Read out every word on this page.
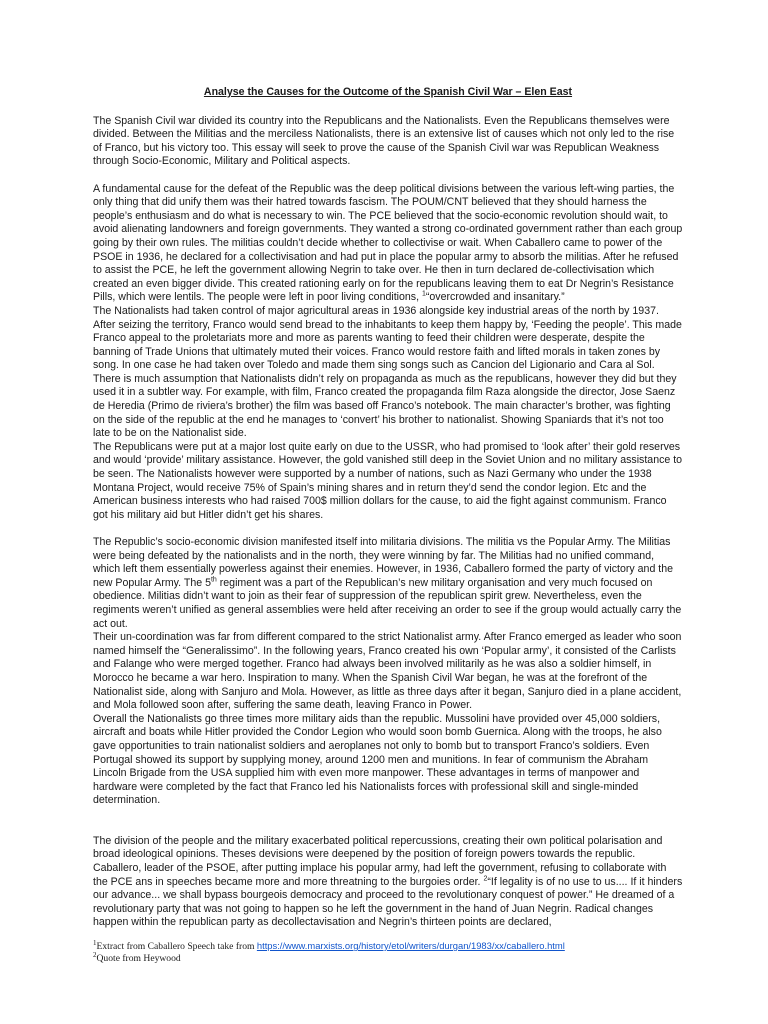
Analyse the Causes for the Outcome of the Spanish Civil War – Elen East

The Spanish Civil war divided its country into the Republicans and the Nationalists. Even the Republicans themselves were divided. Between the Militias and the merciless Nationalists, there is an extensive list of causes which not only led to the rise of Franco, but his victory too. This essay will seek to prove the cause of the Spanish Civil war was Republican Weakness through Socio-Economic, Military and Political aspects.

A fundamental cause for the defeat of the Republic was the deep political divisions between the various left-wing parties, the only thing that did unify them was their hatred towards fascism. The POUM/CNT believed that they should harness the people’s enthusiasm and do what is necessary to win. The PCE believed that the socio-economic revolution should wait, to avoid alienating landowners and foreign governments. They wanted a strong co-ordinated government rather than each group going by their own rules. The militias couldn’t decide whether to collectivise or wait. When Caballero came to power of the PSOE in 1936, he declared for a collectivisation and had put in place the popular army to absorb the militias. After he refused to assist the PCE, he left the government allowing Negrin to take over. He then in turn declared de-collectivisation which created an even bigger divide. This created rationing early on for the republicans leaving them to eat Dr Negrin’s Resistance Pills, which were lentils. The people were left in poor living conditions, $^1$“overcrowded and insanitary.”

The Nationalists had taken control of major agricultural areas in 1936 alongside key industrial areas of the north by 1937. After seizing the territory, Franco would send bread to the inhabitants to keep them happy by, ‘Feeding the people’. This made Franco appeal to the proletariats more and more as parents wanting to feed their children were desperate, despite the banning of Trade Unions that ultimately muted their voices. Franco would restore faith and lifted morals in taken zones by song. In one case he had taken over Toledo and made them sing songs such as Cancion del Ligionario and Cara al Sol. There is much assumption that Nationalists didn’t rely on propaganda as much as the republicans, however they did but they used it in a subtler way. For example, with film, Franco created the propaganda film Raza alongside the director, Jose Saenz de Heredia (Primo de riviera’s brother) the film was based off Franco’s notebook. The main character’s brother, was fighting on the side of the republic at the end he manages to ‘convert’ his brother to nationalist. Showing Spaniards that it’s not too late to be on the Nationalist side.

The Republicans were put at a major lost quite early on due to the USSR, who had promised to ‘look after’ their gold reserves and would ‘provide’ military assistance. However, the gold vanished still deep in the Soviet Union and no military assistance to be seen. The Nationalists however were supported by a number of nations, such as Nazi Germany who under the 1938 Montana Project, would receive 75% of Spain’s mining shares and in return they’d send the condor legion. Etc and the American business interests who had raised 700$ million dollars for the cause, to aid the fight against communism. Franco got his military aid but Hitler didn’t get his shares.

The Republic’s socio-economic division manifested itself into militaria divisions. The militia vs the Popular Army. The Militias were being defeated by the nationalists and in the north, they were winning by far. The Militias had no unified command, which left them essentially powerless against their enemies. However, in 1936, Caballero formed the party of victory and the new Popular Army. The 5th regiment was a part of the Republican’s new military organisation and very much focused on obedience. Militias didn’t want to join as their fear of suppression of the republican spirit grew. Nevertheless, even the regiments weren’t unified as general assemblies were held after receiving an order to see if the group would actually carry the act out.

Their un-coordination was far from different compared to the strict Nationalist army. After Franco emerged as leader who soon named himself the “Generalissimo”. In the following years, Franco created his own ‘Popular army’, it consisted of the Carlists and Falange who were merged together. Franco had always been involved militarily as he was also a soldier himself, in Morocco he became a war hero. Inspiration to many. When the Spanish Civil War began, he was at the forefront of the Nationalist side, along with Sanjuro and Mola. However, as little as three days after it began, Sanjuro died in a plane accident, and Mola followed soon after, suffering the same death, leaving Franco in Power.

Overall the Nationalists go three times more military aids than the republic. Mussolini have provided over 45,000 soldiers, aircraft and boats while Hitler provided the Condor Legion who would soon bomb Guernica. Along with the troops, he also gave opportunities to train nationalist soldiers and aeroplanes not only to bomb but to transport Franco’s soldiers. Even Portugal showed its support by supplying money, around 1200 men and munitions. In fear of communism the Abraham Lincoln Brigade from the USA supplied him with even more manpower. These advantages in terms of manpower and hardware were completed by the fact that Franco led his Nationalists forces with professional skill and single-minded determination.

The division of the people and the military exacerbated political repercussions, creating their own political polarisation and broad ideological opinions. Theses devisions were deepened by the position of foreign powers towards the republic. Caballero, leader of the PSOE, after putting implace his popular army, had left the government, refusing to collaborate with the PCE ans in speeches became more and more threatning to the burgoies order. $^2$“If legality is of no use to us.... If it hinders our advance... we shall bypass bourgeois democracy and proceed to the revolutionary conquest of power.” He dreamed of a revolutionary party that was not going to happen so he left the government in the hand of Juan Negrin. Radical changes happen within the republican party as decollectavisation and Negrin’s thirteen points are declared,

$^1$Extract from Caballero Speech take from https://www.marxists.org/history/etol/writers/durgan/1983/xx/caballero.html
$^2$Quote from Heywood
